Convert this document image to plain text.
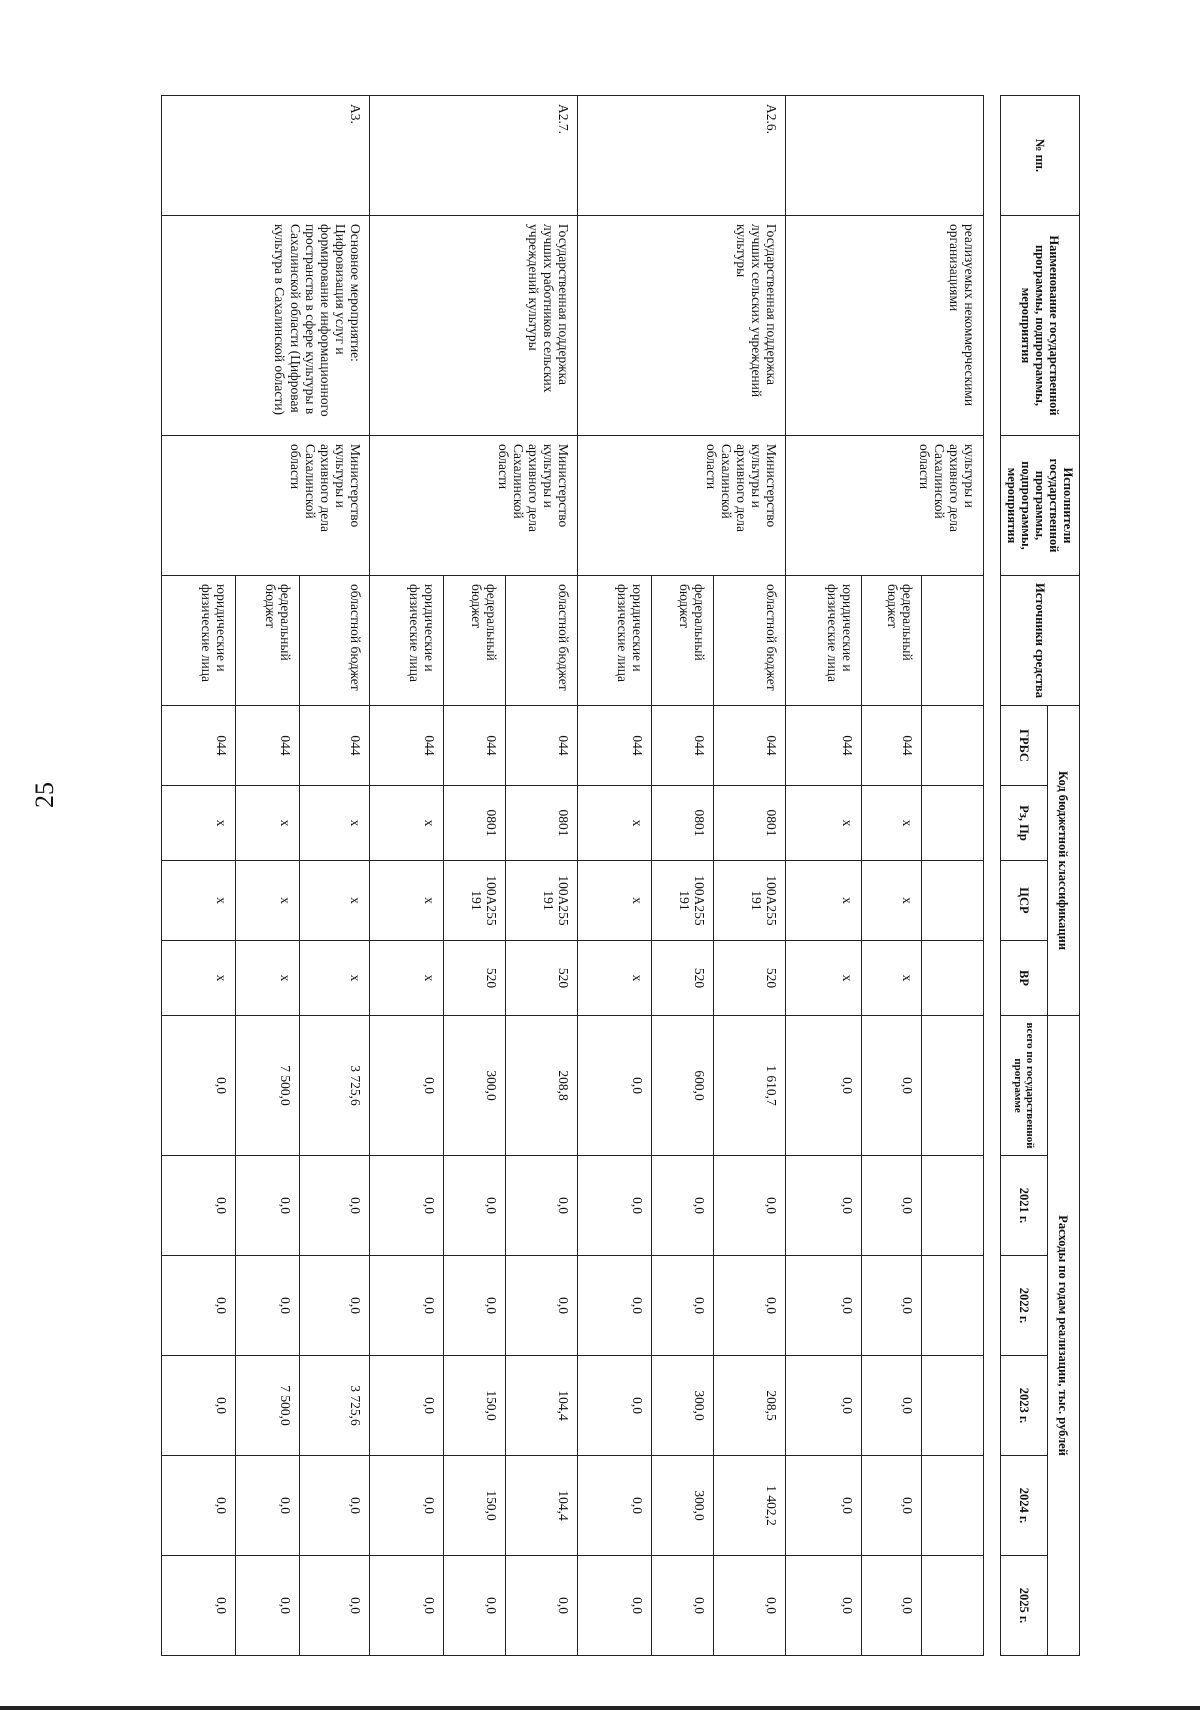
25
№ пп.	Наименование государственной программы, подпрограммы, мероприятия	Исполнители государственной программы, подпрограммы, мероприятия	Источники средства	Код бюджетной классификации				Расходы по годам реализации, тыс. рублей					
				ГРБС	Рз, Пр	ЦСР	ВР	всего по государственной программе	2021 г.	2022 г.	2023 г.	2024 г.	2025 г.

	реализуемых некоммерческими организациями	культуры и архивного дела Сахалинской области											
			федеральный бюджет	044	x	x	x	0,0	0,0	0,0	0,0	0,0	0,0
			юридические и физические лица	044	x	x	x	0,0	0,0	0,0	0,0	0,0	0,0
А2.6.	Государственная поддержка лучших сельских учреждений культуры	Министерство культуры и архивного дела Сахалинской области	областной бюджет	044	0801	100А255 191	520	1 610,7	0,0	0,0	208,5	1 402,2	0,0
			федеральный бюджет	044	0801	100А255 191	520	600,0	0,0	0,0	300,0	300,0	0,0
			юридические и физические лица	044	x	x	x	0,0	0,0	0,0	0,0	0,0	0,0
А2.7.	Государственная поддержка лучших работников сельских учреждений культуры	Министерство культуры и архивного дела Сахалинской области	областной бюджет	044	0801	100А255 191	520	208,8	0,0	0,0	104,4	104,4	0,0
			федеральный бюджет	044	0801	100А255 191	520	300,0	0,0	0,0	150,0	150,0	0,0
			юридические и физические лица	044	x	x	x	0,0	0,0	0,0	0,0	0,0	0,0
А3.	Основное мероприятие: Цифровизация услуг и формирование информационного пространства в сфере культуры в Сахалинской области (Цифровая культура в Сахалинской области)	Министерство культуры и архивного дела Сахалинской области	областной бюджет	044	x	x	x	3 725,6	0,0	0,0	3 725,6	0,0	0,0
			федеральный бюджет	044	x	x	x	7 500,0	0,0	0,0	7 500,0	0,0	0,0
			юридические и физические лица	044	x	x	x	0,0	0,0	0,0	0,0	0,0	0,0
